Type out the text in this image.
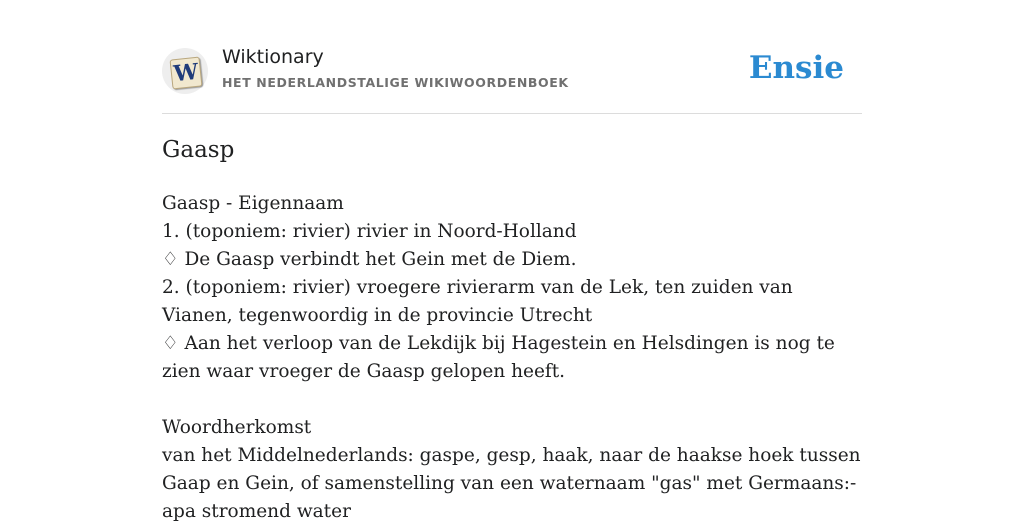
W
Wiktionary
HET NEDERLANDSTALIGE WIKIWOORDENBOEK	Ensie
Gaasp
Gaasp - Eigennaam
1. (toponiem: rivier) rivier in Noord-Holland
♢ De Gaasp verbindt het Gein met de Diem.
2. (toponiem: rivier) vroegere rivierarm van de Lek, ten zuiden van Vianen, tegenwoordig in de provincie Utrecht
♢ Aan het verloop van de Lekdijk bij Hagestein en Helsdingen is nog te zien waar vroeger de Gaasp gelopen heeft.
Woordherkomst
van het Middelnederlands: gaspe, gesp, haak, naar de haakse hoek tussen Gaap en Gein, of samenstelling van een waternaam "gas" met Germaans:-apa stromend water
